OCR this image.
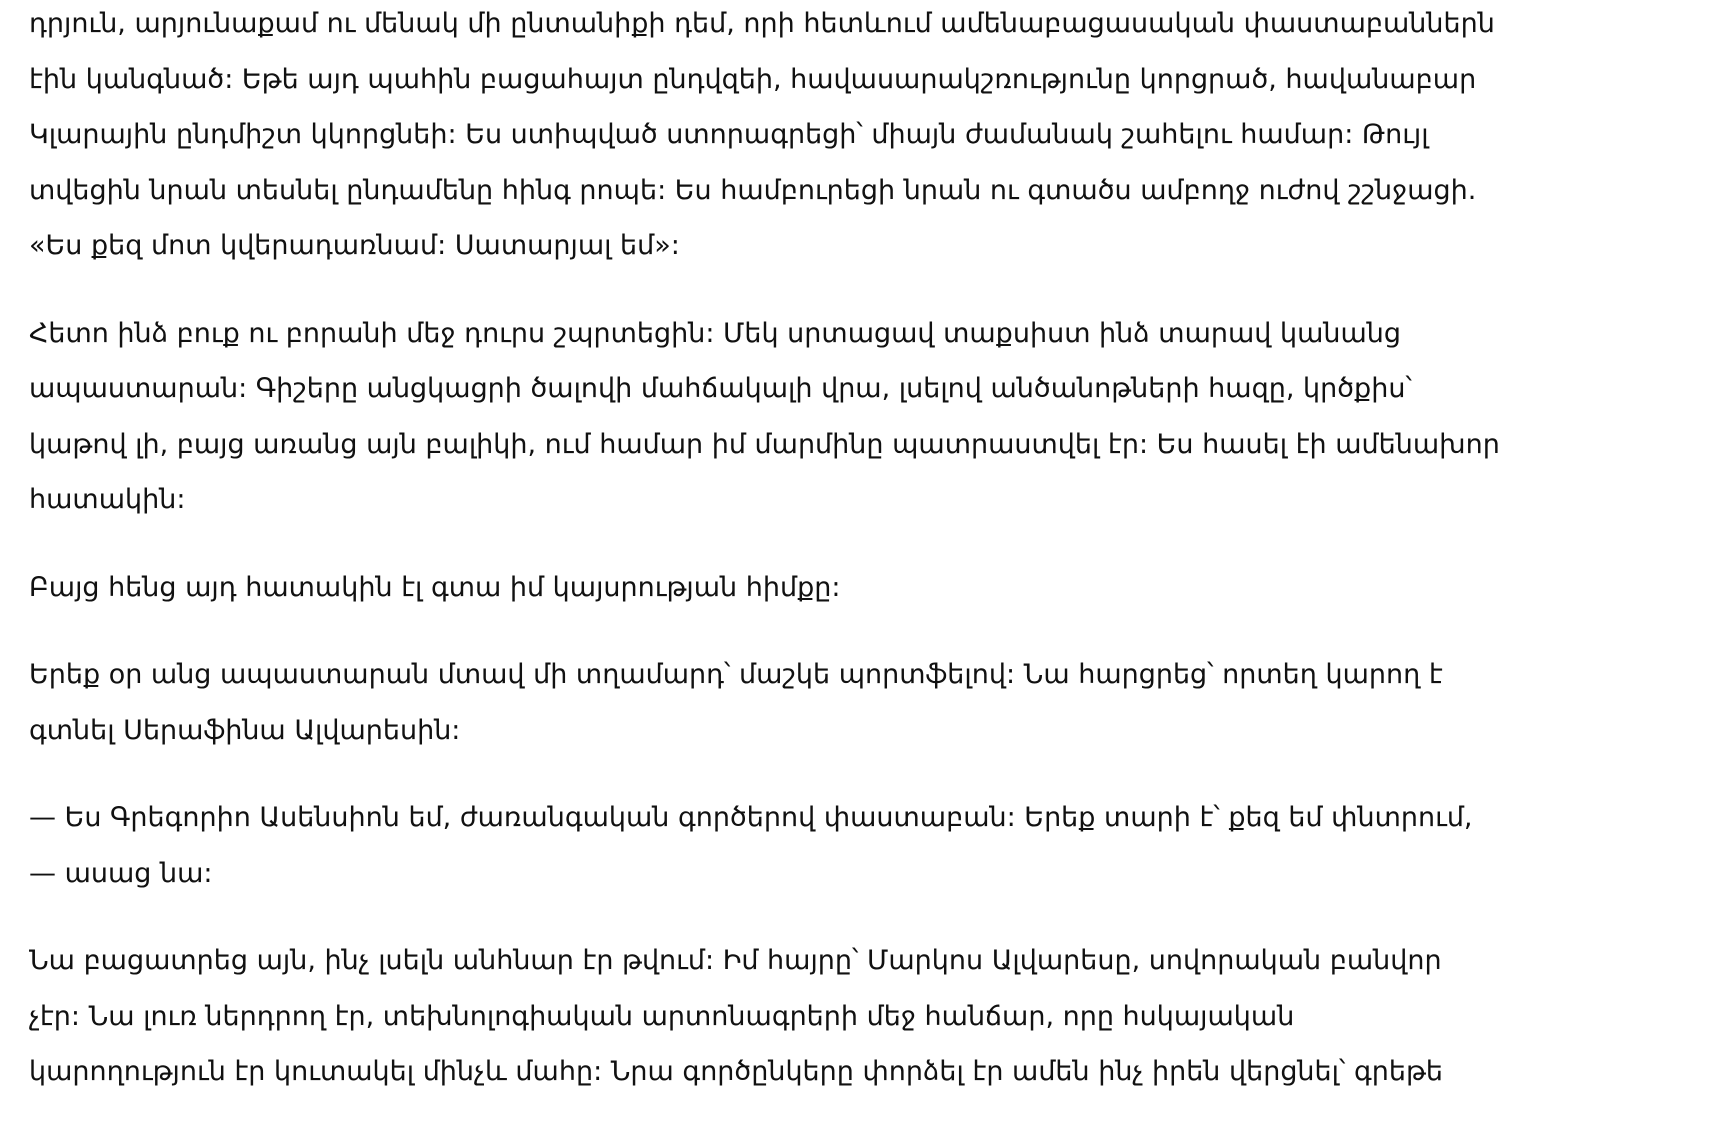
դրյուն, արյունաքամ ու մենակ մի ընտանիքի դեմ, որի հետևում ամենաբացասական փաստաբաններն
էին կանգնած: Եթե այդ պահին բացահայտ ընդվզեի, հավասարակշռությունը կորցրած, հավանաբար
Կլարային ընդմիշտ կկորցնեի: Ես ստիպված ստորագրեցի՝ միայն ժամանակ շահելու համար: Թույլ
տվեցին նրան տեսնել ընդամենը հինգ րոպե: Ես համբուրեցի նրան ու գտածս ամբողջ ուժով շշնջացի.
«Ես քեզ մոտ կվերադառնամ: Սատարյալ եմ»:

Հետո ինձ բուք ու բորանի մեջ դուրս շպրտեցին: Մեկ սրտացավ տաքսիստ ինձ տարավ կանանց
ապաստարան: Գիշերը անցկացրի ծալովի մահճակալի վրա, լսելով անծանոթների հազը, կրծքիս՝
կաթով լի, բայց առանց այն բալիկի, ում համար իմ մարմինը պատրաստվել էր: Ես հասել էի ամենախոր
հատակին:

Բայց հենց այդ հատակին էլ գտա իմ կայսրության հիմքը:

Երեք օր անց ապաստարան մտավ մի տղամարդ՝ մաշկե պորտֆելով: Նա հարցրեց՝ որտեղ կարող է
գտնել Սերաֆինա Ալվարեսին:

— Ես Գրեգորիո Ասենսիոն եմ, ժառանգական գործերով փաստաբան: Երեք տարի է՝ քեզ եմ փնտրում,
— ասաց նա:

Նա բացատրեց այն, ինչ լսելն անհնար էր թվում: Իմ հայրը՝ Մարկոս Ալվարեսը, սովորական բանվոր
չէր: Նա լուռ ներդրող էր, տեխնոլոգիական արտոնագրերի մեջ հանճար, որը հսկայական
կարողություն էր կուտակել մինչև մահը: Նրա գործընկերը փորձել էր ամեն ինչ իրեն վերցնել՝ գրեթե
